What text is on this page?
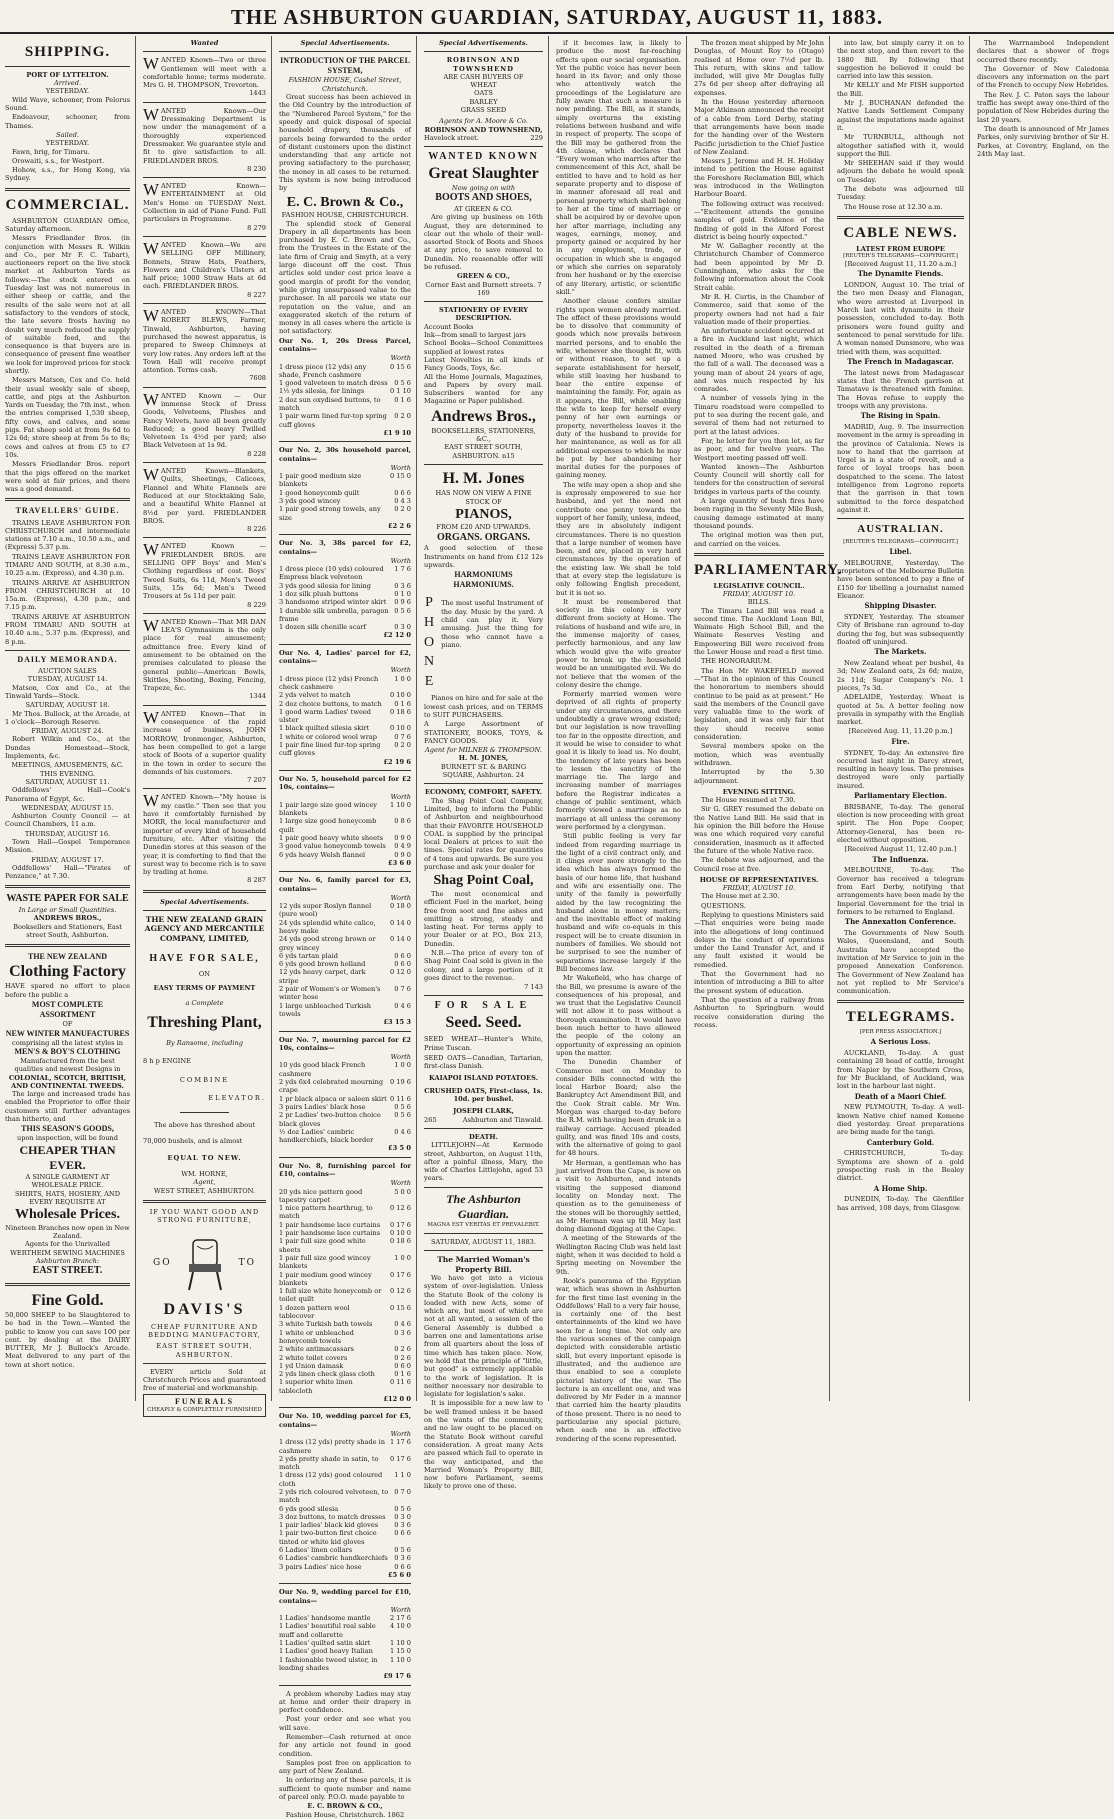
THE ASHBURTON GUARDIAN, SATURDAY, AUGUST 11, 1883.
SHIPPING.
PORT OF LYTTELTON.
Arrived.
YESTERDAY.
Wild Wave, schooner, from Pelorus Sound.
Endeavour, schooner, from Thames.
Sailed.
YESTERDAY.
Fawn, brig, for Timaru.
Orowaiti, s.s., for Westport.
Hohow, s.s., for Hong Kong, via Sydney.
COMMERCIAL.
ASHBURTON GUARDIAN Office, Saturday afternoon.
Messrs Friedlander Bros. (in conjunction with Messrs R. Wilkin and Co., per Mr F. C. Tabart), auctioneers report on the live stock market at Ashburton Yards as follows:—The stock entered on Tuesday last was not numerous in either sheep or cattle, and the results of the sale were not at all satisfactory to the vendors of stock, the late severe frosts having no doubt very much reduced the supply of suitable feed, and the consequence is that buyers are in consequence of present fine weather we look for improved prices for stock shortly.
Messrs Matson, Cox and Co. held their usual weekly sale of sheep, cattle, and pigs at the Ashburton Yards on Tuesday, the 7th inst., when the entries comprised 1,530 sheep, fifty cows, and calves, and some pigs. Fat sheep sold at from 9s 6d to 12s 6d; store sheep at from 5s to 8s; cows and calves at from £5 to £7 10s.
Messrs Friedlander Bros. report that the pigs offered on the market were sold at fair prices, and there was a good demand.
TRAVELLERS' GUIDE.
TRAINS LEAVE ASHBURTON FOR CHRISTCHURCH and intermediate stations at 7.10 a.m., 10.50 a.m., and (Express) 5.37 p.m.
TRAINS LEAVE ASHBURTON FOR TIMARU AND SOUTH, at 8.30 a.m., 10.25 a.m. (Express), and 4.30 p.m.
TRAINS ARRIVE AT ASHBURTON FROM CHRISTCHURCH at 10 15a.m. (Express), 4.30 p.m., and 7.15 p.m.
TRAINS ARRIVE AT ASHBURTON FROM TIMARU AND SOUTH at 10.40 a.m., 5.37 p.m. (Express), and 8 p.m.
DAILY MEMORANDA.
AUCTION SALES
TUESDAY, AUGUST 14.
Matson, Cox and Co., at the Tinwald Yards—Stock.
SATURDAY, AUGUST 18.
Mr Thos. Bullock, at the Arcade, at 1 o'clock—Borough Reserve.
FRIDAY, AUGUST 24.
Robert Wilkin and Co., at the Dundas Homestead—Stock, Implements, &c.
MEETINGS, AMUSEMENTS, &C.
THIS EVENING.
SATURDAY, AUGUST 11.
Oddfellows' Hall—Cook's Panorama of Egypt, &c.
WEDNESDAY, AUGUST 15.
Ashburton County Council — at Council Chambers, 11 a.m.
THURSDAY, AUGUST 16.
Town Hall—Gospel Temperance Mission.
FRIDAY, AUGUST 17.
Oddfellows' Hall—"Pirates of Penzance," at 7.30.
WASTE PAPER FOR SALE
In Large or Small Quantities.
ANDREWS BROS.,
Booksellers and Stationers, East street South, Ashburton.
THE NEW ZEALAND
Clothing Factory
HAVE spared no effort to place before the public a
MOST COMPLETE ASSORTMENT
OF
NEW WINTER MANUFACTURES
comprising all the latest styles in
MEN'S & BOY'S CLOTHING
Manufactured from the best qualities and newest Designs in
COLONIAL, SCOTCH, BRITISH, AND CONTINENTAL TWEEDS.
The large and increased trade has enabled the Proprietor to offer their customers still further advantages than hitherto, and
THIS SEASON'S GOODS,
upon inspection, will be found
CHEAPER THAN EVER.
A SINGLE GARMENT AT WHOLESALE PRICE.
SHIRTS, HATS, HOSIERY, AND EVERY REQUISITE AT
Wholesale Prices.
Nineteen Branches now open in New Zealand.
Agents for the Unrivalled WERTHEIM SEWING MACHINES
Ashburton Branch:
EAST STREET.
Fine Gold.
50,000 SHEEP to be Slaughtered to be had in the Town.—Wanted the public to know you can save 100 per cent. by dealing at the DAIRY BUTTER, Mr J. Bullock's Arcade. Meat delivered to any part of the town at short notice.
Wanted
WANTED Known—Two or three Gentlemen will meet with a comfortable home; terms moderate. Mrs G. H. THOMPSON, Trevorton.
1443
WANTED Known—Our Dressmaking Department is now under the management of a thoroughly experienced Dressmaker. We guarantee style and fit to give satisfaction to all. FRIEDLANDER BROS.
8 230
WANTED Known—ENTERTAINMENT at Old Men's Home on TUESDAY Next. Collection in aid of Piano Fund. Full particulars in Programme.
8 279
WANTED Known—We are SELLING OFF Millinery, Bonnets, Straw Hats, Feathers, Flowers and Children's Ulsters at half price; 1000 Straw Hats at 6d each. FRIEDLANDER BROS.
8 227
WANTED KNOWN—That ROBERT BLEWS, Farmer, Tinwald, Ashburton, having purchased the newest apparatus, is prepared to Sweep Chimneys at very low rates. Any orders left at the Town Hall will receive prompt attention. Terms cash.
7608
WANTED Known — Our immense Stock of Dress Goods, Velveteens, Plushes and Fancy Velvets, have all been greatly Reduced; a good heavy Twilled Velveteen 1s 4½d per yard; also Black Velveteen at 1s 9d.
8 228
WANTED Known—Blankets, Quilts, Sheetings, Calicoes, Flannel and White Flannels are Reduced at our Stocktaking Sale, and a beautiful White Flannel at 8½d per yard. FRIEDLANDER BROS.
8 226
WANTED Known — FRIEDLANDER BROS. are SELLING OFF Boys' and Men's Clothing regardless of cost. Boys' Tweed Suits, 6s 11d, Men's Tweed Suits, 15s 6d; Men's Tweed Trousers at 5s 11d per pair.
8 229
WANTED Known—That MR DAN LEA'S Gymnasium is the only place for real amusement; admittance free. Every kind of amusement to be obtained on the premises calculated to please the general public—American Bowls, Skittles, Shooting, Boxing, Fencing, Trapeze, &c.
1344
WANTED Known—That in consequence of the rapid increase of business, JOHN MORROW, Ironmonger, Ashburton, has been compelled to get a large stock of Boots of a superior quality in the town in order to secure the demands of his customers.
7 207
WANTED Known—"My house is my castle." Then see that you have it comfortably furnished by MORR, the local manufacturer and importer of every kind of household furniture, etc. After visiting the Dunedin stores at this season of the year, it is comforting to find that the surest way to become rich is to save by trading at home.
8 287
Special Advertisements.
THE NEW ZEALAND GRAIN AGENCY AND MERCANTILE COMPANY, LIMITED,
HAVE FOR SALE,
ON
EASY TERMS OF PAYMENT
a Complete
Threshing Plant,
By Ransome, including
8 h p ENGINE
COMBINE
ELEVATOR.
The above has threshed about
70,000 bushels, and is almost
EQUAL TO NEW.
WM. HORNE,
Agent,
WEST STREET, ASHBURTON.
IF YOU WANT GOOD AND STRONG FURNITURE,
GO	TO
DAVIS'S
CHEAP FURNITURE AND BEDDING MANUFACTORY,
EAST STREET SOUTH, ASHBURTON.
EVERY article Sold at Christchurch Prices and guaranteed free of material and workmanship.
FUNERALS
CHEAPLY & COMPLETELY FURNISHED
Special Advertisements.
INTRODUCTION OF THE PARCEL SYSTEM,
FASHION HOUSE, Cashel Street, Christchurch.
Great success has been achieved in the Old Country by the introduction of the "Numbered Parcel System," for the speedy and quick disposal of special household drapery, thousands of parcels being forwarded to the order of distant customers upon the distinct understanding that any article not proving satisfactory to the purchaser, the money in all cases to be returned. This system is now being introduced by
E. C. Brown & Co.,
FASHION HOUSE, CHRISTCHURCH.
The splendid stock of General Drapery in all departments has been purchased by E. C. Brown and Co., from the Trustees in the Estate of the late firm of Craig and Smyth, at a very large discount off the cost. Thus articles sold under cost price leave a good margin of profit for the vendor, while giving unsurpassed value to the purchaser. In all parcels we state our reputation on the value, and an exaggerated sketch of the return of money in all cases where the article is not satisfactory.
Our No. 1, 20s Dress Parcel, contains—
Worth
1 dress piece (12 yds) any shade, French cashmere
0 15 6
1 good valveteen to match dress 0 5 6
1½ yds silesia, for linings	0 1 10
2 doz sun oxydised buttons, to match
0 1 6
1 pair warm lined fur-top spring cuff gloves
0 2 0
£1 9 10
Our No. 2, 30s household parcel, contains—
Worth
1 pair good medium size blankets
0 15 0
1 good honeycomb quilt	0 6 6
3 yds good wincey	0 4 3
1 pair good strong towels, any size
0 2 0
£2 2 6
Our No. 3, 38s parcel for £2, contains—
Worth
1 dress piece (10 yds) coloured Empress black velveteen
1 7 6
3 yds good silesia for lining	0 3 6
1 doz silk plush buttons	0 1 0
3 handsome striped winter skirt 0 9 6
1 durable silk umbrella, paragon frame
0 5 6
1 dozen silk chenille scarf	0 3 0
£2 12 0
Our No. 4, Ladies' parcel for £2, contains—
Worth
1 dress piece (12 yds) French check cashmere
1 0 0
2 yds velvet to match	0 10 0
2 doz choice buttons, to match 0 1 6
1 good warm Ladies' tweed ulster
0 18 6
1 black quilted silesia skirt	0 10 0
1 white or colored wool wrap	0 7 6
1 pair fine lined fur-top spring cuff gloves
0 2 0
£2 19 6
Our No. 5, household parcel for £2 10s, contains—
Worth
1 pair large size good wincey blankets
1 10 0
1 large size good honeycomb quilt
0 8 6
1 pair good heavy white sheets 0 9 0
3 good value honeycomb towels 0 4 9
6 yds heavy Welsh flannel	0 9 0
£3 6 0
Our No. 6, family parcel for £3, contains—
Worth
12 yds super Roslyn flannel (pure wool)
0 18 0
24 yds splendid white calico, heavy make
0 14 0
24 yds good strong brown or grey wincey
0 14 0
6 yds tartan plaid	0 6 0
6 yds good brown holland	0 6 0
12 yds heavy carpet, dark stripe
0 12 0
2 pair of Women's or Women's winter hose
0 7 6
1 large unbleached Turkish towels
0 4 6
£3 15 3
Our No. 7, mourning parcel for £2 10s, contains—
Worth
10 yds good black French cashmere
1 0 0
2 yds 6x4 celebrated mourning crape
0 19 6
1 pr black alpaca or saleen skirt 0 11 6
3 pairs Ladies' black hose	0 5 6
2 pr Ladies' two-button choice black gloves
0 5 6
½ doz Ladies' cambric handkerchiefs, black border
0 4 6
£3 5 0
Our No. 8, furnishing parcel for £10, contains—
Worth
20 yds nice pattern good tapestry carpet
5 0 0
1 nice pattern hearthrug, to match
0 12 6
1 pair handsome lace curtains 0 17 6
1 pair handsome lace curtains 0 10 0
1 pair full size good white sheets
0 18 6
1 pair full size good wincey blankets
1 0 0
1 pair medium good wincey blankets
0 17 6
1 full size white honeycomb or toilet quilt
0 12 6
1 dozen pattern wool tablecover
0 15 6
3 white Turkish bath towels	0 4 6
1 white or unbleached honeycomb towels
0 3 6
2 white antimacassars	0 2 6
2 white toilet covers	0 2 6
1 yd Union damask	0 6 0
2 yds linen check glass cloth	0 1 6
1 superior white linen tablecloth
0 11 6
£12 0 0
Our No. 10, wedding parcel for £5, contains—
Worth
1 dress (12 yds) pretty shade in cashmere
1 17 6
2 yds pretty shade in satin, to match
0 17 6
1 dress (12 yds) good coloured cloth
1 1 0
2 yds rich coloured velveteen, to match
0 7 0
6 yds good silesia	0 5 6
3 doz buttons, to match dresses 0 3 0
1 pair ladies' black kid gloves 0 3 6
1 pair two-button first choice tinted or white kid gloves
0 6 6
6 Ladies' linen collars	0 5 6
6 Ladies' cambric handkerchiefs 0 3 6
3 pairs Ladies' nice hose	0 6 6
£5 6 0
Our No. 9, wedding parcel for £10, contains—
Worth
1 Ladies' handsome mantle	2 17 6
1 Ladies' beautiful real sable muff and collarette
4 10 0
1 Ladies' quilted satin skirt	1 10 0
1 Ladies' good heavy Italian	1 15 0
1 fashionable tweed ulster, in leading shades
1 10 0
£9 17 6
A problem whereby Ladies may stay at home and order their drapery in perfect confidence.
Post your order and see what you will save.
Remember—Cash returned at once for any article not found in good condition.
Samples post free on application to any part of New Zealand.
In ordering any of these parcels, it is sufficient to quote number and name of parcel only. P.O.O. made payable to
E. C. BROWN & CO.,
Fashion House, Christchurch. 1862
Special Advertisements.
ROBINSON AND TOWNSHEND
ARE CASH BUYERS OF
WHEAT
OATS
BARLEY
GRASS SEED
Agents for A. Moore & Co.
ROBINSON AND TOWNSHEND,
Havelock street.	229
WANTED KNOWN
Great Slaughter
Now going on with
BOOTS AND SHOES,
AT GREEN & CO.
Are giving up business on 16th August, they are determined to clear out the whole of their well-assorted Stock of Boots and Shoes at any price, to save removal to Dunedin. No reasonable offer will be refused.
GREEN & CO.,
Corner East and Burnett streets. 7 169
STATIONERY OF EVERY DESCRIPTION.
Account Books
Ink—from small to largest jars
School Books—School Committees supplied at lowest rates
Latest Novelties in all kinds of Fancy Goods, Toys, &c.
All the Home Journals, Magazines, and Papers by every mail. Subscribers wanted for any Magazine or Paper published.
Andrews Bros.,
BOOKSELLERS, STATIONERS, &C.,
EAST STREET SOUTH, ASHBURTON. n15
H. M. Jones
HAS NOW ON VIEW A FINE STOCK OF
PIANOS,
FROM £20 AND UPWARDS.
ORGANS. ORGANS.
A good selection of these Instruments on hand from £12 12s upwards.
HARMONIUMS HARMONIUMS.
P
H
O
N
E
The most useful Instrument of the day. Music by the yard. A child can play it. Very amusing. Just the thing for those who cannot have a piano.
Pianos on hire and for sale at the lowest cash prices, and on TERMS to SUIT PURCHASERS.
A Large Assortment of STATIONERY, BOOKS, TOYS, & FANCY GOODS.
Agent for MILNER & THOMPSON.
H. M. JONES,
BURNETT ST. & BARING SQUARE, Ashburton. 24
ECONOMY, COMFORT, SAFETY.
The Shag Point Coal Company, Limited, beg to inform the Public of Ashburton and neighbourhood that their FAVORITE HOUSEHOLD COAL is supplied by the principal local Dealers at prices to suit the times. Special rates for quantities of 4 tons and upwards. Be sure you purchase and ask your dealer for
Shag Point Coal,
The most economical and efficient Fuel in the market, being free from soot and fine ashes and emitting a strong, steady and lasting heat. For terms apply to your Dealer or at P.O., Box 213, Dunedin.
N.B.—The price of every ton of Shag Point Coal sold is given in the colony, and a large portion of it goes direct to the revenue.
7 143
FOR SALE
Seed. Seed.
SEED WHEAT—Hunter's White, Prime Tuscan.
SEED OATS—Canadian, Tartarian, first-class Danish.
KAIAPOI ISLAND POTATOES.
CRUSHED OATS, First-class, 1s. 10d. per bushel.
JOSEPH CLARK,
265	Ashburton and Tinwald.
DEATH.
LITTLEJOHN—At Kermode street, Ashburton, on August 11th, after a painful illness, Mary, the wife of Charles Littlejohn, aged 53 years.
The Ashburton Guardian.
MAGNA EST VERITAS ET PREVALEBIT.
SATURDAY, AUGUST 11, 1883.
The Married Woman's Property Bill.
We have got into a vicious system of over-legislation. Unless the Statute Book of the colony is loaded with new Acts, some of which are, but most of which are not at all wanted, a session of the General Assembly is dubbed a barren one and lamentations arise from all quarters about the loss of time which has taken place. Now, we hold that the principle of "little, but good" is extremely applicable to the work of legislation. It is neither necessary nor desirable to legislate for legislation's sake.
It is impossible for a new law to be well framed unless it be based on the wants of the community, and no law ought to be placed on the Statute Book without careful consideration. A great many Acts are passed which fail to operate in the way anticipated, and the Married Woman's Property Bill, now before Parliament, seems likely to prove one of these.
if it becomes law, is likely to produce the most far-reaching effects upon our social organisation. Yet the public voice has never been heard in its favor; and only those who attentively watch the proceedings of the Legislature are fully aware that such a measure is now pending. The Bill, as it stands, simply overturns the existing relations between husband and wife in respect of property. The scope of the Bill may be gathered from the 4th clause, which declares that "Every woman who marries after the commencement of this Act, shall be entitled to have and to hold as her separate property and to dispose of in manner aforesaid all real and personal property which shall belong to her at the time of marriage or shall be acquired by or devolve upon her after marriage, including any wages, earnings, money, and property gained or acquired by her in any employment, trade, or occupation in which she is engaged or which she carries on separately from her husband or by the exercise of any literary, artistic, or scientific skill."
Another clause confers similar rights upon women already married. The effect of these provisions would be to dissolve that community of goods which now prevails between married persons, and to enable the wife, whenever she thought fit, with or without reason, to set up a separate establishment for herself, while still leaving her husband to bear the entire expense of maintaining the family. For, again as it appears, the Bill, while enabling the wife to keep for herself every penny of her own earnings or property, nevertheless leaves it the duty of the husband to provide for her maintenance, as well as for all additional expenses to which he may be put by her abandoning her marital duties for the purposes of gaining money.
The wife may open a shop and she is expressly empowered to sue her husband, and yet the need not contribute one penny towards the support of her family, unless, indeed, they are in absolutely indigent circumstances. There is no question that a large number of women have been, and are, placed in very hard circumstances by the operation of the existing law. We shall be told that at every step the legislature is only following English precedent, but it is not so.
It must be remembered that society in this colony is very different from society at Home. The relations of husband and wife are, in the immense majority of cases, perfectly harmonious, and any law which would give the wife greater power to break up the household would be an unmitigated evil. We do not believe that the women of the colony desire the change.
Formerly married women were deprived of all rights of property under any circumstances, and there undoubtedly a grave wrong existed; but our legislation is now travelling too far in the opposite direction, and it would be wise to consider to what goal it is likely to lead us. No doubt, the tendency of late years has been to lessen the sanctity of the marriage tie. The large and increasing number of marriages before the Registrar indicates a change of public sentiment, which formerly viewed a marriage as no marriage at all unless the ceremony were performed by a clergyman.
Still public feeling is very far indeed from regarding marriage in the light of a civil contract only, and it clings ever more strongly to the idea which has always formed the basis of our home life, that husband and wife are essentially one. The unity of the family is powerfully aided by the law recognizing the husband alone in money matters; and the inevitable effect of making husband and wife co-equals in this respect will be to create disunion in numbers of families. We should not be surprised to see the number of separations increase largely if the Bill becomes law.
Mr Wakefield, who has charge of the Bill, we presume is aware of the consequences of his proposal, and we trust that the Legislative Council will not allow it to pass without a thorough examination. It would have been much better to have allowed the people of the colony an opportunity of expressing an opinion upon the matter.
The Dunedin Chamber of Commerce met on Monday to consider Bills connected with the local Harbor Board; also the Bankruptcy Act Amendment Bill, and the Cook Strait cable. Mr Wm. Morgan was charged to-day before the R.M. with having been drunk in a railway carriage. Accused pleaded guilty, and was fined 10s and costs, with the alternative of going to gaol for 48 hours.
Mr Herman, a gentleman who has just arrived from the Cape, is now on a visit to Ashburton, and intends visiting the supposed diamond locality on Monday next. The question as to the genuineness of the stones will be thoroughly settled, as Mr Herman was up till May last doing diamond digging at the Cape.
A meeting of the Stewards of the Wellington Racing Club was held last night, when it was decided to hold a Spring meeting on November the 9th.
Rook's panorama of the Egyptian war, which was shown in Ashburton for the first time last evening in the Oddfellows' Hall to a very fair house, is certainly one of the best entertainments of the kind we have seen for a long time. Not only are the various scenes of the campaign depicted with considerable artistic skill, but every important episode is illustrated, and the audience are thus enabled to see a complete pictorial history of the war. The lecture is an excellent one, and was delivered by Mr Feder in a manner that carried him the hearty plaudits of those present. There is no need to particularise any special picture, when each one is an effective rendering of the scene represented.
The frozen meat shipped by Mr John Douglas, of Mount Roy to (Otago) realised at Home over 7½d per lb. This return, with skins and tallow included, will give Mr Douglas fully 27s 6d per sheep after defraying all expenses.
In the House yesterday afternoon Major Atkinson announced the receipt of a cable from Lord Derby, stating that arrangements have been made for the handing over of the Western Pacific jurisdiction to the Chief Justice of New Zealand.
Messrs J. Jerome and H. H. Holiday intend to petition the House against the Foreshore Reclamation Bill, which was introduced in the Wellington Harbour Board.
The following extract was received:—"Excitement attends the genuine samples of gold. Evidence of the finding of gold in the Alford Forest district is being hourly expected."
Mr W. Gallagher recently at the Christchurch Chamber of Commerce had been appointed by Mr D. Cunningham, who asks for the following information about the Cook Strait cable.
Mr R. H. Curtis, in the Chamber of Commerce, said that some of the property owners had not had a fair valuation made of their properties.
An unfortunate accident occurred at a fire in Auckland last night, which resulted in the death of a fireman named Moore, who was crushed by the fall of a wall. The deceased was a young man of about 24 years of age, and was much respected by his comrades.
A number of vessels lying in the Timaru roadstead were compelled to put to sea during the recent gale, and several of them had not returned to port at the latest advices.
For, he letter for you then let, as far as poor, and for twelve years. The Westport meeting passed off well.
Wanted known—The Ashburton County Council will shortly call for tenders for the construction of several bridges in various parts of the county.
A large quantity of bush fires have been raging in the Seventy Mile Bush, causing damage estimated at many thousand pounds.
The original motion was then put, and carried on the voices.
PARLIAMENTARY.
LEGISLATIVE COUNCIL.
FRIDAY, AUGUST 10.
BILLS.
The Timaru Land Bill was read a second time. The Auckland Loan Bill, Waimate High School Bill, and the Waimate Reserves Vesting and Empowering Bill were received from the Lower House and read a first time.
THE HONORARIUM.
The Hon Mr WAKEFIELD moved—"That in the opinion of this Council the honorarium to members should continue to be paid as at present." He said the members of the Council gave very valuable time to the work of legislation, and it was only fair that they should receive some consideration.
Several members spoke on the motion, which was eventually withdrawn.
Interrupted by the 5.30 adjournment.
EVENING SITTING.
The House resumed at 7.30.
Sir G. GREY resumed the debate on the Native Land Bill. He said that in his opinion the Bill before the House was one which required very careful consideration, inasmuch as it affected the future of the whole Native race.
The debate was adjourned, and the Council rose at five.
HOUSE OF REPRESENTATIVES.
FRIDAY, AUGUST 10.
The House met at 2.30.
QUESTIONS.
Replying to questions Ministers said—That enquiries were being made into the allegations of long continued delays in the conduct of operations under the Land Transfer Act, and if any fault existed it would be remedied.
That the Government had no intention of introducing a Bill to alter the present system of education.
That the question of a railway from Ashburton to Springburn would receive consideration during the recess.
into law, but simply carry it on to the next step, and then revert to the 1880 Bill. By following that suggestion he believed it could be carried into law this session.
Mr KELLY and Mr FISH supported the Bill.
Mr J. BUCHANAN defended the Native Lands Settlement Company against the imputations made against it.
Mr TURNBULL, although not altogether satisfied with it, would support the Bill.
Mr SHEEHAN said if they would adjourn the debate he would speak on Tuesday.
The debate was adjourned till Tuesday.
The House rose at 12.30 a.m.
CABLE NEWS.
LATEST FROM EUROPE
[REUTER'S TELEGRAMS—COPYRIGHT.]
[Received August 11, 11.20 a.m.]
The Dynamite Fiends.
LONDON, August 10. The trial of the two men Deasy and Flanagan, who were arrested at Liverpool in March last with dynamite in their possession, concluded to-day. Both prisoners were found guilty and sentenced to penal servitude for life. A woman named Dunsmore, who was tried with them, was acquitted.
The French in Madagascar.
The latest news from Madagascar states that the French garrison at Tamatave is threatened with famine. The Hovas refuse to supply the troops with any provisions.
The Rising in Spain.
MADRID, Aug. 9. The insurrection movement in the army is spreading in the province of Catalonia. News is now to hand that the garrison at Urgel is in a state of revolt, and a force of loyal troops has been despatched to the scene. The latest intelligence from Logrono reports that the garrison in that town submitted to the force despatched against it.
AUSTRALIAN.
[REUTER'S TELEGRAMS—COPYRIGHT.]
Libel.
MELBOURNE, Yesterday. The proprietors of the Melbourne Bulletin have been sentenced to pay a fine of £150 for libelling a journalist named Eleanor.
Shipping Disaster.
SYDNEY, Yesterday. The steamer City of Brisbane ran aground to-day during the fog, but was subsequently floated off uninjured.
The Markets.
New Zealand wheat per bushel, 4s 3d; New Zealand oats, 2s 6d; maize, 2s 11d; Sugar Company's No. 1 pieces, 7s 3d.
ADELAIDE, Yesterday. Wheat is quoted at 5s. A better feeling now prevails in sympathy with the English market.
[Received Aug. 11, 11.20 p.m.]
Fire.
SYDNEY, To-day. An extensive fire occurred last night in Darcy street, resulting in heavy loss. The premises destroyed were only partially insured.
Parliamentary Election.
BRISBANE, To-day. The general election is now proceeding with great spirit. The Hon Pope Cooper, Attorney-General, has been re-elected without opposition.
[Received August 11, 12.40 p.m.]
The Influenza.
MELBOURNE, To-day. The Governor has received a telegram from Earl Derby, notifying that arrangements have been made by the Imperial Government for the trial in formers to be returned to England.
The Annexation Conference.
The Governments of New South Wales, Queensland, and South Australia have accepted the invitation of Mr Service to join in the proposed Annexation Conference. The Government of New Zealand has not yet replied to Mr Service's communication.
TELEGRAMS.
[PER PRESS ASSOCIATION.]
A Serious Loss.
AUCKLAND, To-day. A gust containing 28 head of cattle, brought from Napier by the Southern Cross, for Mr Buckland, of Auckland, was lost in the harbour last night.
Death of a Maori Chief.
NEW PLYMOUTH, To-day. A well-known Native chief named Komene died yesterday. Great preparations are being made for the tangi.
Canterbury Gold.
CHRISTCHURCH, To-day. Symptoms are shown of a gold prospecting rush in the Bealey district.
A Home Ship.
DUNEDIN, To-day. The Glenfiller has arrived, 108 days, from Glasgow.
The Warrnambool Independent declares that a shower of frogs occurred there recently.
The Governor of New Caledonia discovers any information on the part of the French to occupy New Hebrides.
The Rev. J. C. Paton says the labour traffic has swept away one-third of the population of New Hebrides during the last 20 years.
The death is announced of Mr James Parkes, only surviving brother of Sir H. Parkes, at Coventry, England, on the 24th May last.
